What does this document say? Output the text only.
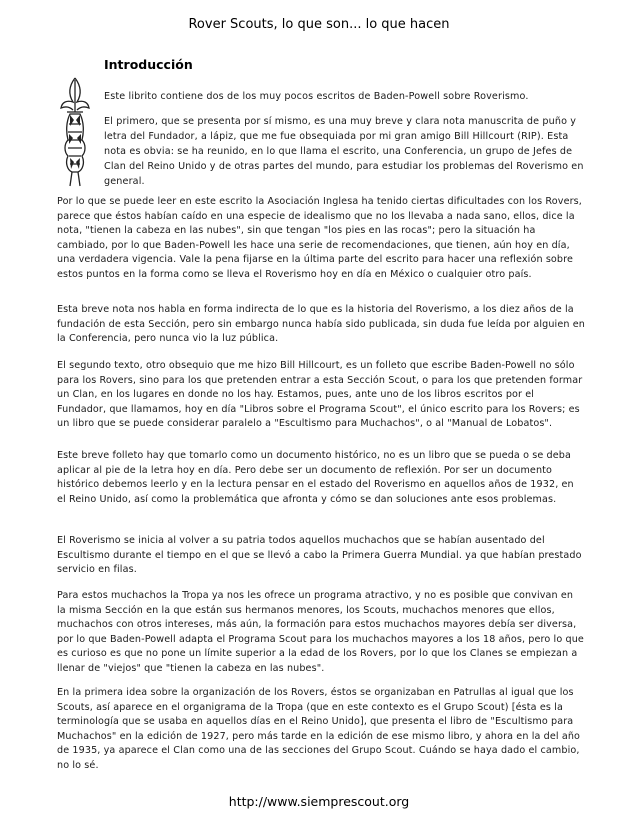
Rover Scouts, lo que son... lo que hacen
Introducción

Este librito contiene dos de los muy pocos escritos de Baden-Powell sobre Roverismo.

El primero, que se presenta por sí mismo, es una muy breve y clara nota manuscrita de puño y letra del Fundador, a lápiz, que me fue obsequiada por mi gran amigo Bill Hillcourt (RIP). Esta nota es obvia: se ha reunido, en lo que llama el escrito, una Conferencia, un grupo de Jefes de Clan del Reino Unido y de otras partes del mundo, para estudiar los problemas del Roverismo en general.

Por lo que se puede leer en este escrito la Asociación Inglesa ha tenido ciertas dificultades con los Rovers, parece que éstos habían caído en una especie de idealismo que no los llevaba a nada sano, ellos, dice la nota, "tienen la cabeza en las nubes", sin que tengan "los pies en las rocas"; pero la situación ha cambiado, por lo que Baden-Powell les hace una serie de recomendaciones, que tienen, aún hoy en día, una verdadera vigencia. Vale la pena fijarse en la última parte del escrito para hacer una reflexión sobre estos puntos en la forma como se lleva el Roverismo hoy en día en México o cualquier otro país.

Esta breve nota nos habla en forma indirecta de lo que es la historia del Roverismo, a los diez años de la fundación de esta Sección, pero sin embargo nunca había sido publicada, sin duda fue leída por alguien en la Conferencia, pero nunca vio la luz pública.

El segundo texto, otro obsequio que me hizo Bill Hillcourt, es un folleto que escribe Baden-Powell no sólo para los Rovers, sino para los que pretenden entrar a esta Sección Scout, o para los que pretenden formar un Clan, en los lugares en donde no los hay. Estamos, pues, ante uno de los libros escritos por el Fundador, que llamamos, hoy en día "Libros sobre el Programa Scout", el único escrito para los Rovers; es un libro que se puede considerar paralelo a "Escultismo para Muchachos", o al "Manual de Lobatos".

Este breve folleto hay que tomarlo como un documento histórico, no es un libro que se pueda o se deba aplicar al pie de la letra hoy en día. Pero debe ser un documento de reflexión. Por ser un documento histórico debemos leerlo y en la lectura pensar en el estado del Roverismo en aquellos años de 1932, en el Reino Unido, así como la problemática que afronta y cómo se dan soluciones ante esos problemas.

El Roverismo se inicia al volver a su patria todos aquellos muchachos que se habían ausentado del Escultismo durante el tiempo en el que se llevó a cabo la Primera Guerra Mundial. ya que habían prestado servicio en filas.

Para estos muchachos la Tropa ya nos les ofrece un programa atractivo, y no es posible que convivan en la misma Sección en la que están sus hermanos menores, los Scouts, muchachos menores que ellos, muchachos con otros intereses, más aún, la formación para estos muchachos mayores debía ser diversa, por lo que Baden-Powell adapta el Programa Scout para los muchachos mayores a los 18 años, pero lo que es curioso es que no pone un límite superior a la edad de los Rovers, por lo que los Clanes se empiezan a llenar de "viejos" que "tienen la cabeza en las nubes".

En la primera idea sobre la organización de los Rovers, éstos se organizaban en Patrullas al igual que los Scouts, así aparece en el organigrama de la Tropa (que en este contexto es el Grupo Scout) [ésta es la terminología que se usaba en aquellos días en el Reino Unido], que presenta el libro de "Escultismo para Muchachos" en la edición de 1927, pero más tarde en la edición de ese mismo libro, y ahora en la del año de 1935, ya aparece el Clan como una de las secciones del Grupo Scout. Cuándo se haya dado el cambio, no lo sé.

http://www.siemprescout.org
